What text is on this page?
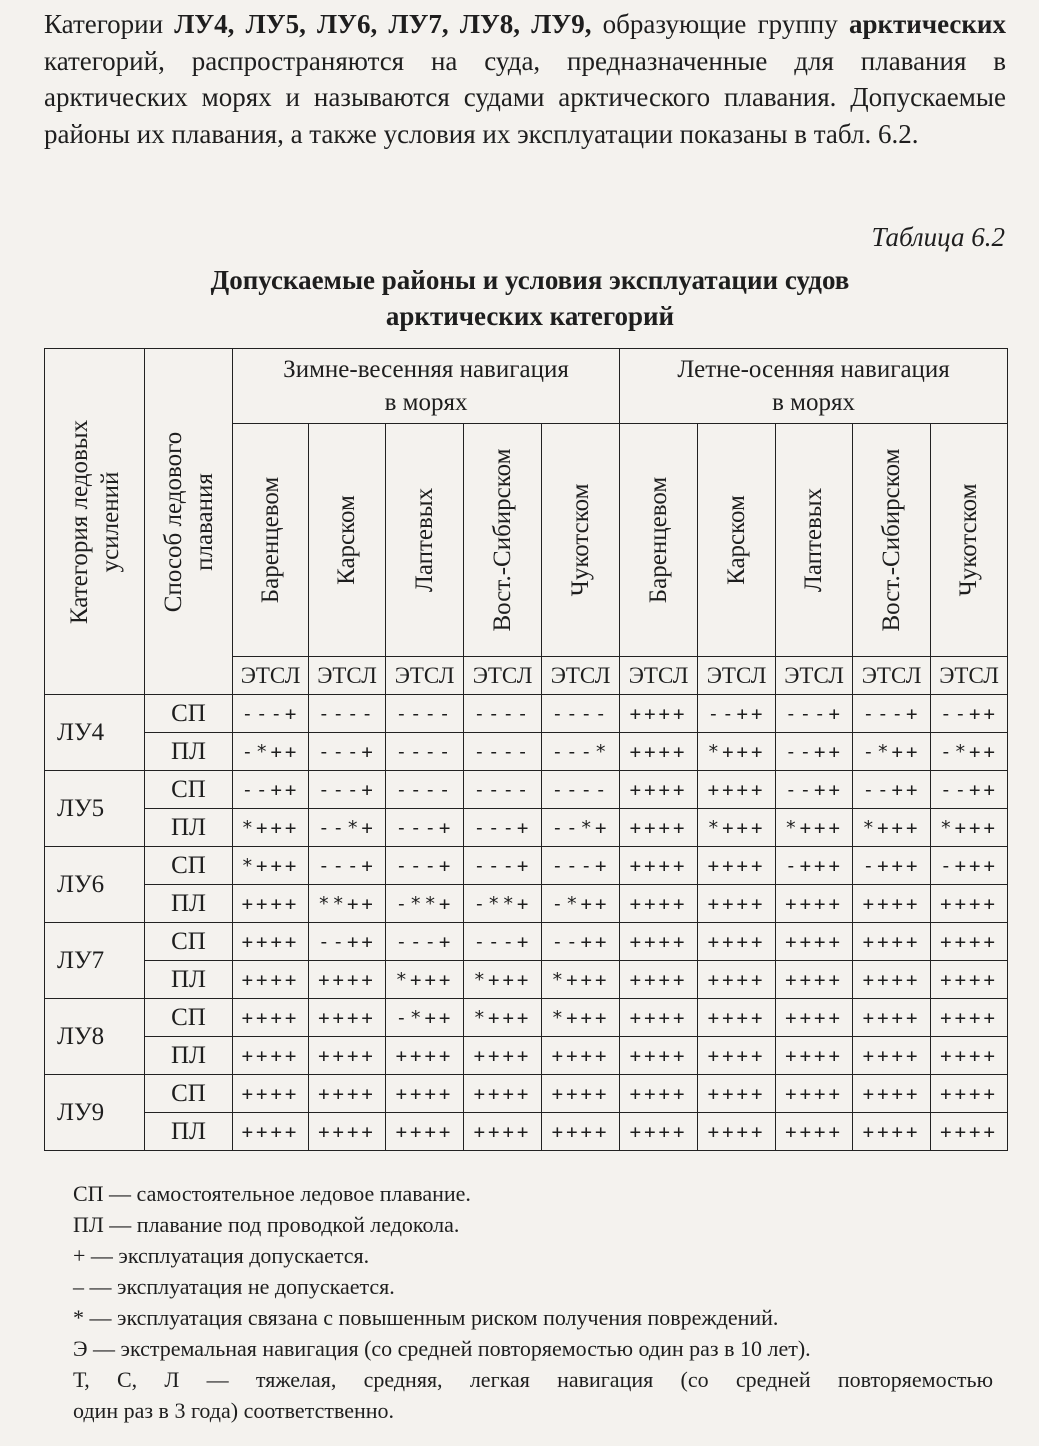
Категории ЛУ4, ЛУ5, ЛУ6, ЛУ7, ЛУ8, ЛУ9, образующие группу арктических категорий, распространяются на суда, предназначенные для плавания в арктических морях и называются судами арктического плавания. Допускаемые районы их плавания, а также условия их эксплуатации показаны в табл. 6.2.

Таблица 6.2
Допускаемые районы и условия эксплуатации судов
арктических категорий
Категория ледовых усилений	Способ ледового плавания	Зимне-весенняя навигация
в морях					Летне-осенняя навигация
в морях				

		Баренцевом	Карском	Лаптевых	Вост.-Сибирском	Чукотском	Баренцевом	Карском	Лаптевых	Вост.-Сибирском	Чукотском

		ЭТСЛ	ЭТСЛ	ЭТСЛ	ЭТСЛ	ЭТСЛ	ЭТСЛ	ЭТСЛ	ЭТСЛ	ЭТСЛ	ЭТСЛ
ЛУ4	СП	---+	----	----	----	----	++++	--++	---+	---+	--++
	ПЛ	-*++	---+	----	----	---*	++++	*+++	--++	-*++	-*++
ЛУ5	СП	--++	---+	----	----	----	++++	++++	--++	--++	--++
	ПЛ	*+++	--*+	---+	---+	--*+	++++	*+++	*+++	*+++	*+++
ЛУ6	СП	*+++	---+	---+	---+	---+	++++	++++	-+++	-+++	-+++
	ПЛ	++++	**++	-**+	-**+	-*++	++++	++++	++++	++++	++++
ЛУ7	СП	++++	--++	---+	---+	--++	++++	++++	++++	++++	++++
	ПЛ	++++	++++	*+++	*+++	*+++	++++	++++	++++	++++	++++
ЛУ8	СП	++++	++++	-*++	*+++	*+++	++++	++++	++++	++++	++++
	ПЛ	++++	++++	++++	++++	++++	++++	++++	++++	++++	++++
ЛУ9	СП	++++	++++	++++	++++	++++	++++	++++	++++	++++	++++
	ПЛ	++++	++++	++++	++++	++++	++++	++++	++++	++++	++++
СП — самостоятельное ледовое плавание.
ПЛ — плавание под проводкой ледокола.
+ — эксплуатация допускается.
– — эксплуатация не допускается.
* — эксплуатация связана с повышенным риском получения повреждений.
Э — экстремальная навигация (со средней повторяемостью один раз в 10 лет).
Т, С, Л — тяжелая, средняя, легкая навигация (со средней повторяемостью
один раз в 3 года) соответственно.
